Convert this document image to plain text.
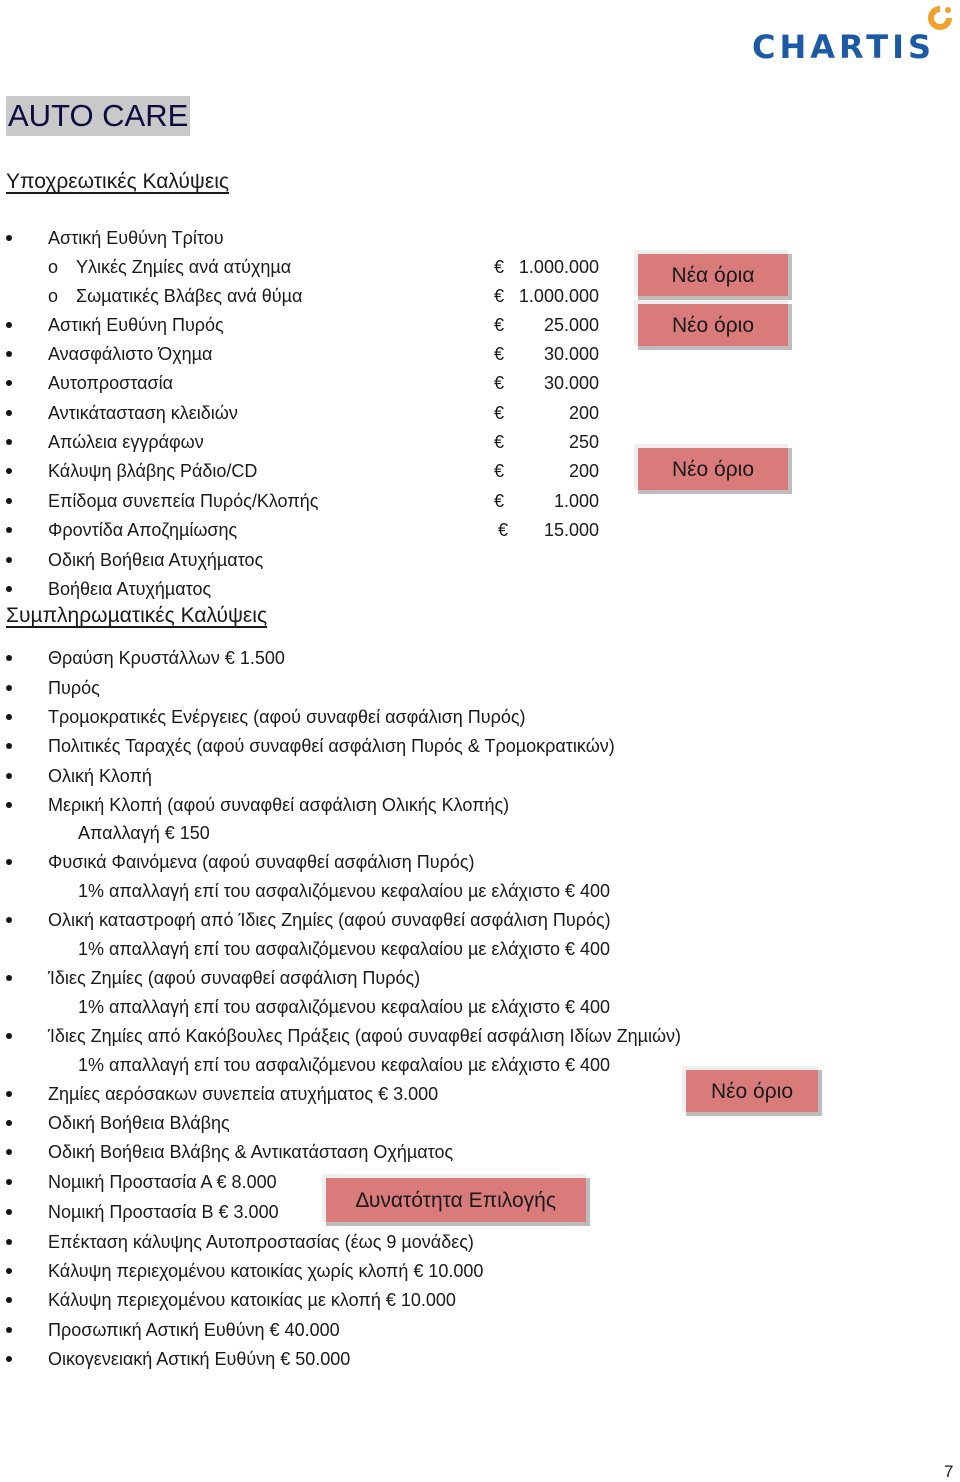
CHARTIS
AUTO CARE
Υποχρεωτικές Καλύψεις
Αστική Ευθύνη Τρίτου
o Υλικές Ζηµίες ανά ατύχηµα	€ 1.000.000
o Σωµατικές Βλάβες ανά θύµα	€ 1.000.000
Αστική Ευθύνη Πυρός	€	25.000
Ανασφάλιστο Όχηµα	€	30.000
Αυτοπροστασία	€	30.000
Αντικάτασταση κλειδιών	€	200
Απώλεια εγγράφων	€	250
Κάλυψη βλάβης Ράδιο/CD	€	200
Επίδοµα συνεπεία Πυρός/Κλοπής	€	1.000
Φροντίδα Αποζηµίωσης	€	15.000
Οδική Βοήθεια Ατυχήµατος
Βοήθεια Ατυχήµατος
Συµπληρωµατικές Καλύψεις
Θραύση Κρυστάλλων € 1.500
Πυρός
Τροµοκρατικές Ενέργειες (αφού συναφθεί ασφάλιση Πυρός)
Πολιτικές Ταραχές (αφού συναφθεί ασφάλιση Πυρός & Τροµοκρατικών)
Ολική Κλοπή
Μερική Κλοπή (αφού συναφθεί ασφάλιση Ολικής Κλοπής)
Απαλλαγή € 150
Φυσικά Φαινόµενα (αφού συναφθεί ασφάλιση Πυρός)
1% απαλλαγή επί του ασφαλιζόµενου κεφαλαίου µε ελάχιστο € 400
Ολική καταστροφή από Ίδιες Ζηµίες (αφού συναφθεί ασφάλιση Πυρός)
1% απαλλαγή επί του ασφαλιζόµενου κεφαλαίου µε ελάχιστο € 400
Ίδιες Ζηµίες (αφού συναφθεί ασφάλιση Πυρός)
1% απαλλαγή επί του ασφαλιζόµενου κεφαλαίου µε ελάχιστο € 400
Ίδιες Ζηµίες από Κακόβουλες Πράξεις (αφού συναφθεί ασφάλιση Ιδίων Ζηµιών)
1% απαλλαγή επί του ασφαλιζόµενου κεφαλαίου µε ελάχιστο € 400
Ζηµίες αερόσακων συνεπεία ατυχήµατος € 3.000
Οδική Βοήθεια Βλάβης
Οδική Βοήθεια Βλάβης & Αντικατάσταση Οχήµατος
Νοµική Προστασία Α € 8.000
Νοµική Προστασία Β € 3.000
Επέκταση κάλυψης Αυτοπροστασίας (έως 9 µονάδες)
Κάλυψη περιεχοµένου κατοικίας χωρίς κλοπή € 10.000
Κάλυψη περιεχοµένου κατοικίας µε κλοπή € 10.000
Προσωπική Αστική Ευθύνη € 40.000
Οικογενειακή Αστική Ευθύνη € 50.000
Νέα όρια
Νέο όριο
Νέο όριο
Νέο όριο
∆υνατότητα Επιλογής
7
